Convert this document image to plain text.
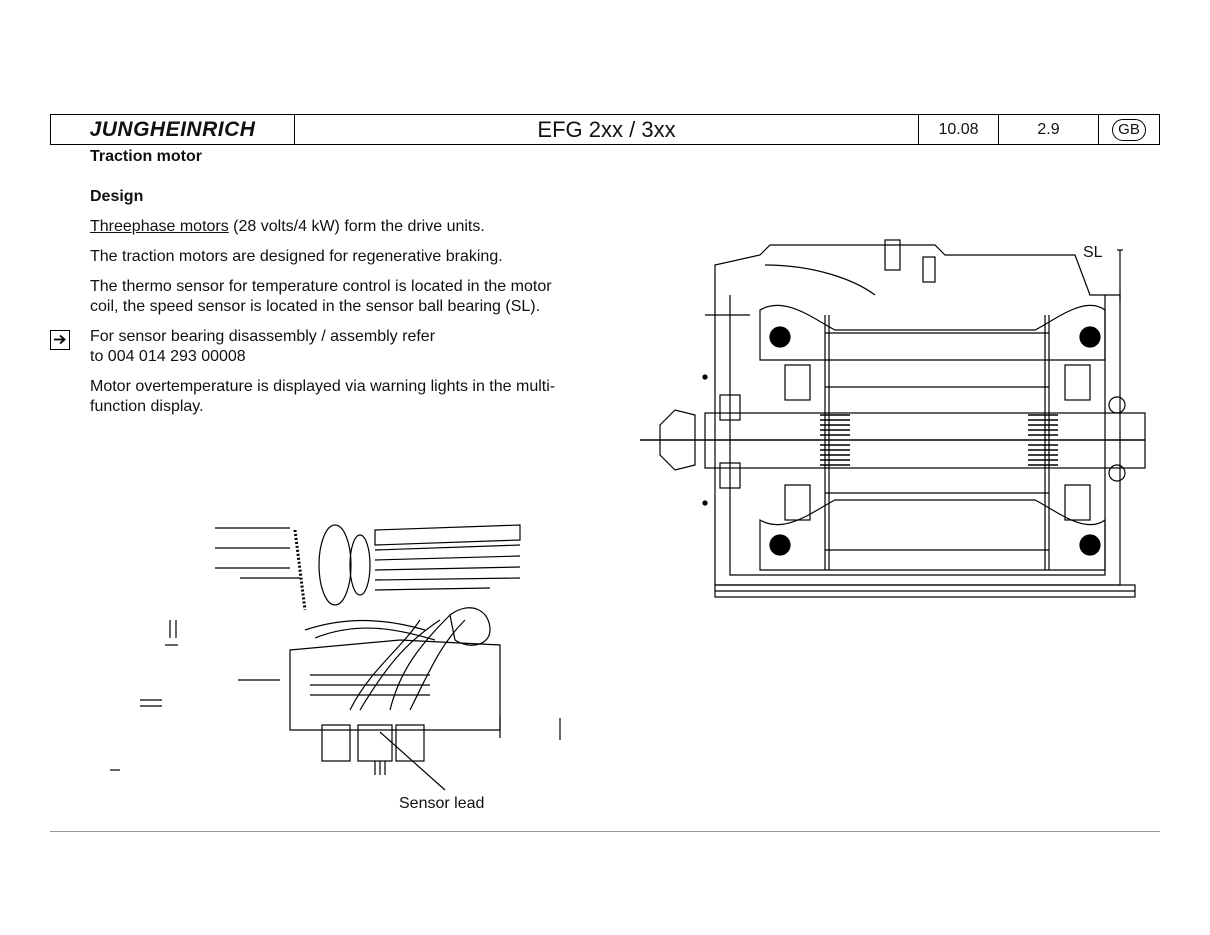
JUNGHEINRICH	EFG 2xx / 3xx	10.08	2.9	GB
Traction motor
Design
Threephase motors (28 volts/4 kW) form the drive units.
The traction motors are designed for regenerative braking.
The thermo sensor for temperature control is located in the motor
coil, the speed sensor is located in the sensor ball bearing (SL).
For sensor bearing disassembly / assembly refer
to 004 014 293 00008
Motor overtemperature is displayed via warning lights in the multi-
function display.
Sensor lead
SL
